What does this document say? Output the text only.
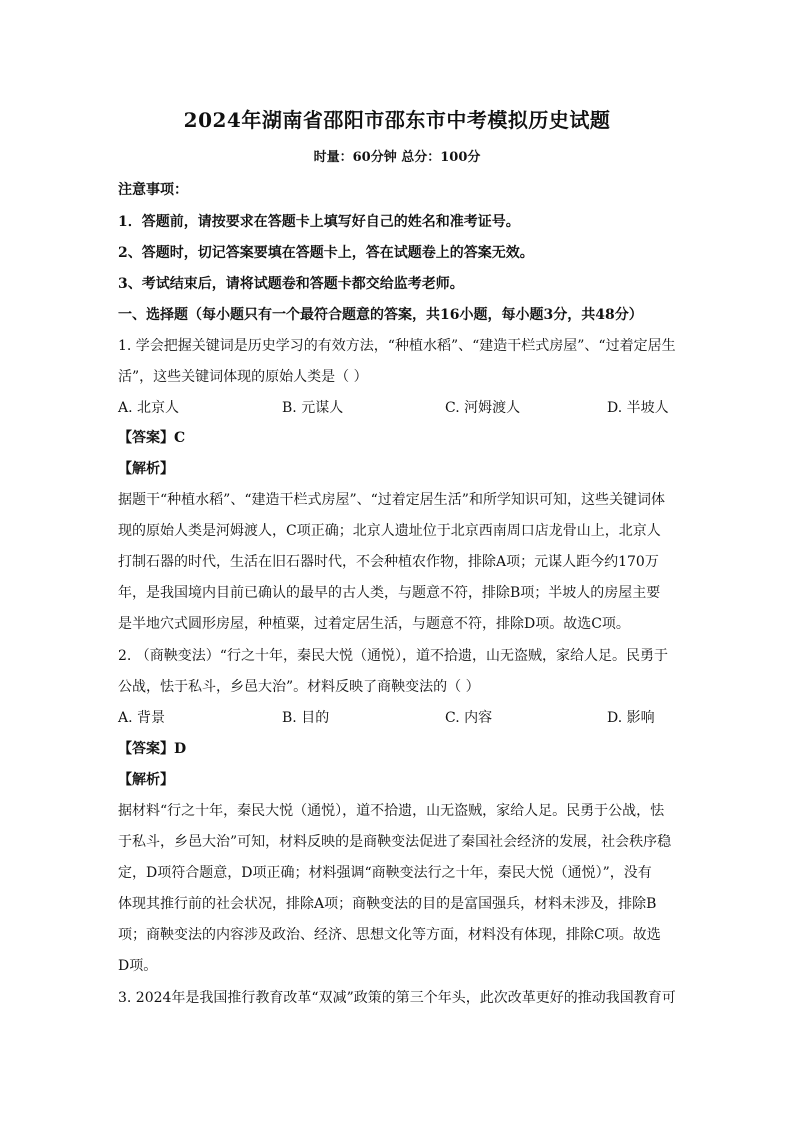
2024年湖南省邵阳市邵东市中考模拟历史试题
时量：60分钟 总分：100分
注意事项：
1．答题前，请按要求在答题卡上填写好自己的姓名和准考证号。
2、答题时，切记答案要填在答题卡上，答在试题卷上的答案无效。
3、考试结束后，请将试题卷和答题卡都交给监考老师。
一、选择题（每小题只有一个最符合题意的答案，共16小题，每小题3分，共48分）
1. 学会把握关键词是历史学习的有效方法，“种植水稻”、“建造干栏式房屋”、“过着定居生
活”，这些关键词体现的原始人类是（ ）
A. 北京人	B. 元谋人	C. 河姆渡人	D. 半坡人
【答案】C
【解析】
据题干“种植水稻”、“建造干栏式房屋”、“过着定居生活”和所学知识可知，这些关键词体
现的原始人类是河姆渡人，C项正确；北京人遗址位于北京西南周口店龙骨山上，北京人
打制石器的时代，生活在旧石器时代，不会种植农作物，排除A项；元谋人距今约170万
年，是我国境内目前已确认的最早的古人类，与题意不符，排除B项；半坡人的房屋主要
是半地穴式圆形房屋，种植粟，过着定居生活，与题意不符，排除D项。故选C项。
2. （商鞅变法）“行之十年，秦民大悦（通悦），道不拾遗，山无盗贼，家给人足。民勇于
公战，怯于私斗，乡邑大治”。材料反映了商鞅变法的（ ）
A. 背景	B. 目的	C. 内容	D. 影响
【答案】D
【解析】
据材料“行之十年，秦民大悦（通悦），道不拾遗，山无盗贼，家给人足。民勇于公战，怯
于私斗，乡邑大治”可知，材料反映的是商鞅变法促进了秦国社会经济的发展，社会秩序稳
定，D项符合题意，D项正确；材料强调“商鞅变法行之十年，秦民大悦（通悦）”，没有
体现其推行前的社会状况，排除A项；商鞅变法的目的是富国强兵，材料未涉及，排除B
项；商鞅变法的内容涉及政治、经济、思想文化等方面，材料没有体现，排除C项。故选
D项。
3. 2024年是我国推行教育改革“双减”政策的第三个年头，此次改革更好的推动我国教育可
